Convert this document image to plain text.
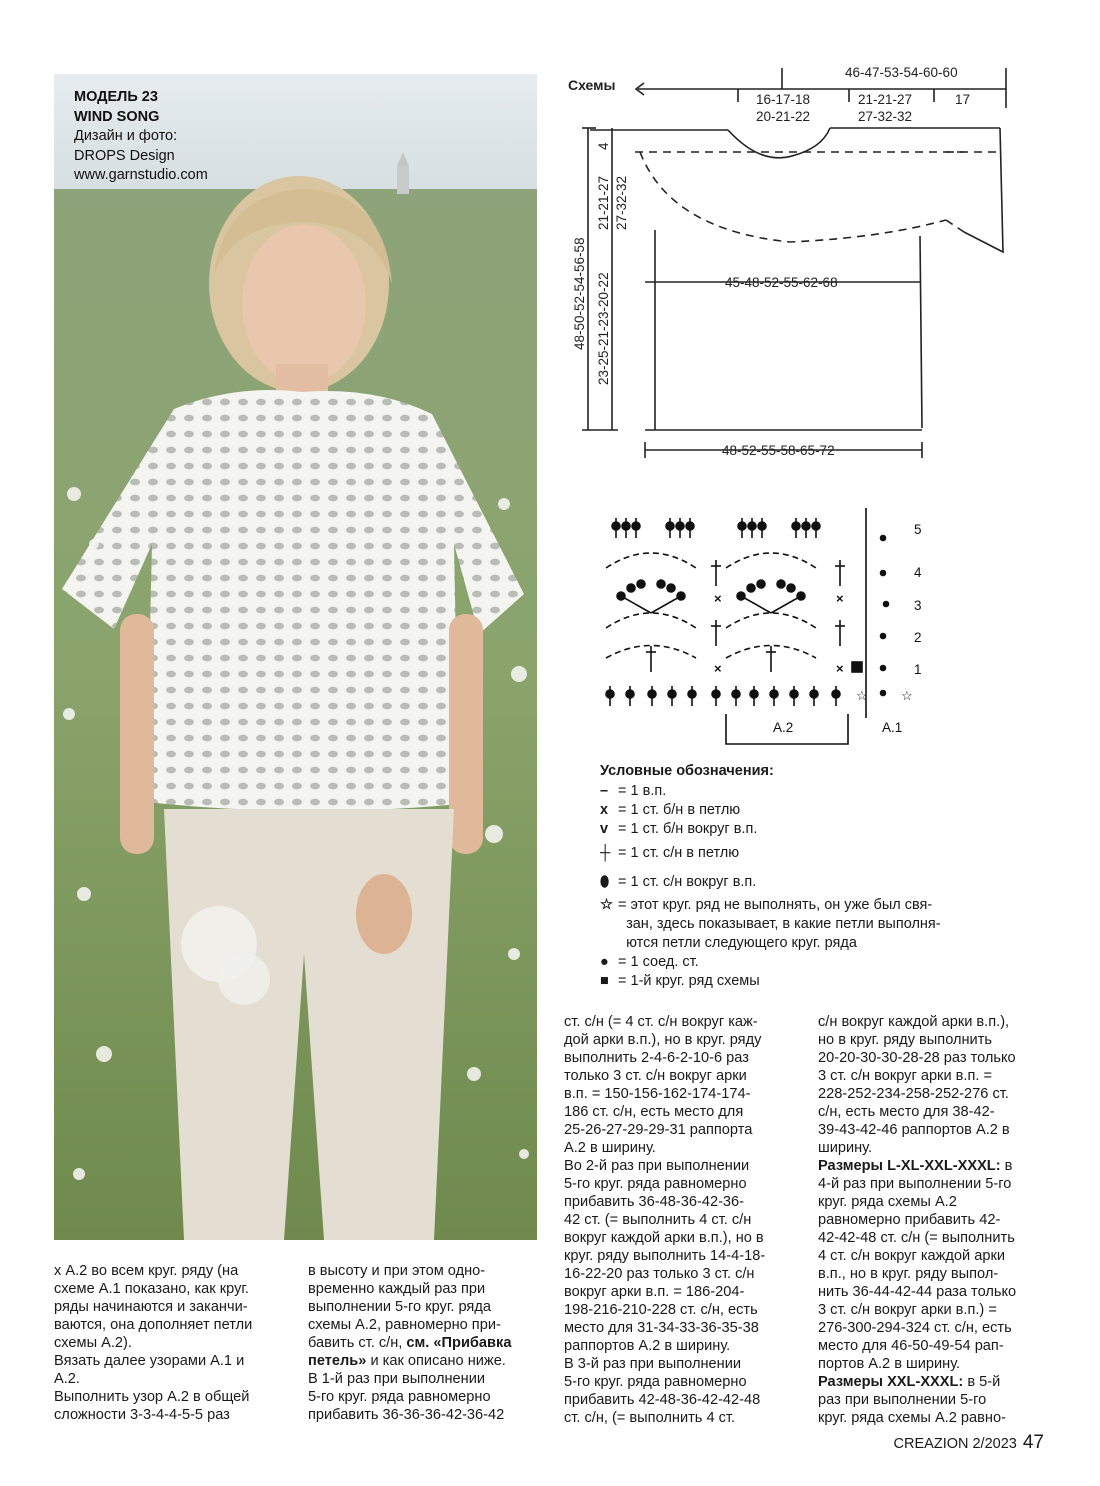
МОДЕЛЬ 23
WIND SONG
Дизайн и фото:
DROPS Design
www.garnstudio.com
Схемы
46-47-53-54-60-60
16-17-18
20-21-22
21-21-27
27-32-32
17
45-48-52-55-62-68
48-52-55-58-65-72
48-50-52-54-56-58 23-25-21-23-20-22
4
21-21-27 27-32-32
×	×
×	×
☆	☆
5
4
3
2
1
A.2	A.1
Условные обозначения:
– = 1 в.п.
x = 1 ст. б/н в петлю
v = 1 ст. б/н вокруг в.п.
┼ = 1 ст. с/н в петлю
⬮ = 1 ст. с/н вокруг в.п.
☆ = этот круг. ряд не выполнять, он уже был свя-
зан, здесь показывает, в какие петли выполня-
ются петли следующего круг. ряда
● = 1 соед. ст.
■ = 1-й круг. ряд схемы

х А.2 во всем круг. ряду (на

схеме А.1 показано, как круг.

ряды начинаются и заканчи-

ваются, она дополняет петли

схемы А.2).

Вязать далее узорами А.1 и

А.2.

Выполнить узор А.2 в общей

сложности 3-3-4-4-5-5 раз

в высоту и при этом одно-

временно каждый раз при

выполнении 5-го круг. ряда

схемы А.2, равномерно при-

бавить ст. с/н, см. «Прибавка

петель» и как описано ниже.

В 1-й раз при выполнении

5-го круг. ряда равномерно

прибавить 36-36-36-42-36-42

ст. с/н (= 4 ст. с/н вокруг каж-

дой арки в.п.), но в круг. ряду

выполнить 2-4-6-2-10-6 раз

только 3 ст. с/н вокруг арки

в.п. = 150-156-162-174-174-

186 ст. с/н, есть место для

25-26-27-29-29-31 раппорта

А.2 в ширину.

Во 2-й раз при выполнении

5-го круг. ряда равномерно

прибавить 36-48-36-42-36-

42 ст. (= выполнить 4 ст. с/н

вокруг каждой арки в.п.), но в

круг. ряду выполнить 14-4-18-

16-22-20 раз только 3 ст. с/н

вокруг арки в.п. = 186-204-

198-216-210-228 ст. с/н, есть

место для 31-34-33-36-35-38

раппортов А.2 в ширину.

В 3-й раз при выполнении

5-го круг. ряда равномерно

прибавить 42-48-36-42-42-48

ст. с/н, (= выполнить 4 ст.

с/н вокруг каждой арки в.п.),

но в круг. ряду выполнить

20-20-30-30-28-28 раз только

3 ст. с/н вокруг арки в.п. =

228-252-234-258-252-276 ст.

с/н, есть место для 38-42-

39-43-42-46 раппортов А.2 в

ширину.

Размеры L-XL-XXL-XXXL: в

4-й раз при выполнении 5-го

круг. ряда схемы А.2

равномерно прибавить 42-

42-42-48 ст. с/н (= выполнить

4 ст. с/н вокруг каждой арки

в.п., но в круг. ряду выпол-

нить 36-44-42-44 раза только

3 ст. с/н вокруг арки в.п.) =

276-300-294-324 ст. с/н, есть

место для 46-50-49-54 рап-

портов А.2 в ширину.

Размеры XXL-XXXL: в 5-й

раз при выполнении 5-го

круг. ряда схемы А.2 равно-

CREAZION 2/2023 47
